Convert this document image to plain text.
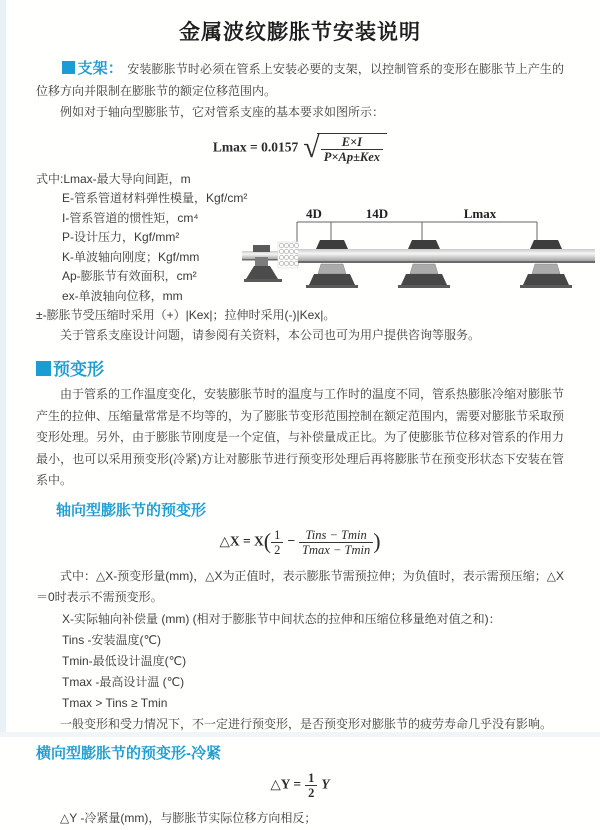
金属波纹膨胀节安装说明

支架： 安装膨胀节时必须在管系上安装必要的支架，以控制管系的变形在膨胀节上产生的位移方向并限制在膨胀节的额定位移范围内。

例如对于轴向型膨胀节，它对管系支座的基本要求如图所示：

Lmax = 0.0157 √ $\frac{E\times I}{\text{P×Ap±Kex}}$
式中:Lmax-最大导向间距，m
E-管系管道材料弹性模量，Kgf/cm²
I-管系管道的惯性矩，cm⁴
P-设计压力，Kgf/mm²
K-单波轴向刚度；Kgf/mm
Ap-膨胀节有效面积，cm²
ex-单波轴向位移，mm
4D	14D	Lmax

±-膨胀节受压缩时采用（+）|Kex|；拉伸时采用(-)|Kex|。

关于管系支座设计问题，请参阅有关资料，本公司也可为用户提供咨询等服务。

预变形

由于管系的工作温度变化，安装膨胀节时的温度与工作时的温度不同，管系热膨胀冷缩对膨胀节产生的拉伸、压缩量常常是不均等的，为了膨胀节变形范围控制在额定范围内，需要对膨胀节采取预变形处理。另外，由于膨胀节刚度是一个定值，与补偿量成正比。为了使膨胀节位移对管系的作用力最小，也可以采用预变形(冷紧)方让对膨胀节进行预变形处理后再将膨胀节在预变形状态下安装在管系中。

轴向型膨胀节的预变形
△X = $X( \frac{1}{2} - \frac{\text{Tins − Tmin}}{Tmax - Tmin}$ )

式中：△X-预变形量(mm)，△X为正值时，表示膨胀节需预拉伸；为负值时，表示需预压缩；△X＝0时表示不需预变形。

X-实际轴向补偿量 (mm) (相对于膨胀节中间状态的拉伸和压缩位移量绝对值之和)：

Tins -安装温度(℃)

Tmin-最低设计温度(℃)

Tmax -最高设计温 (℃)

Tmax > Tins ≥ Tmin

一般变形和受力情况下，不一定进行预变形，是否预变形对膨胀节的疲劳寿命几乎没有影响。

横向型膨胀节的预变形-冷紧
△Y = $\frac{1}{2}$ Y

△Y -冷紧量(mm)，与膨胀节实际位移方向相反；
